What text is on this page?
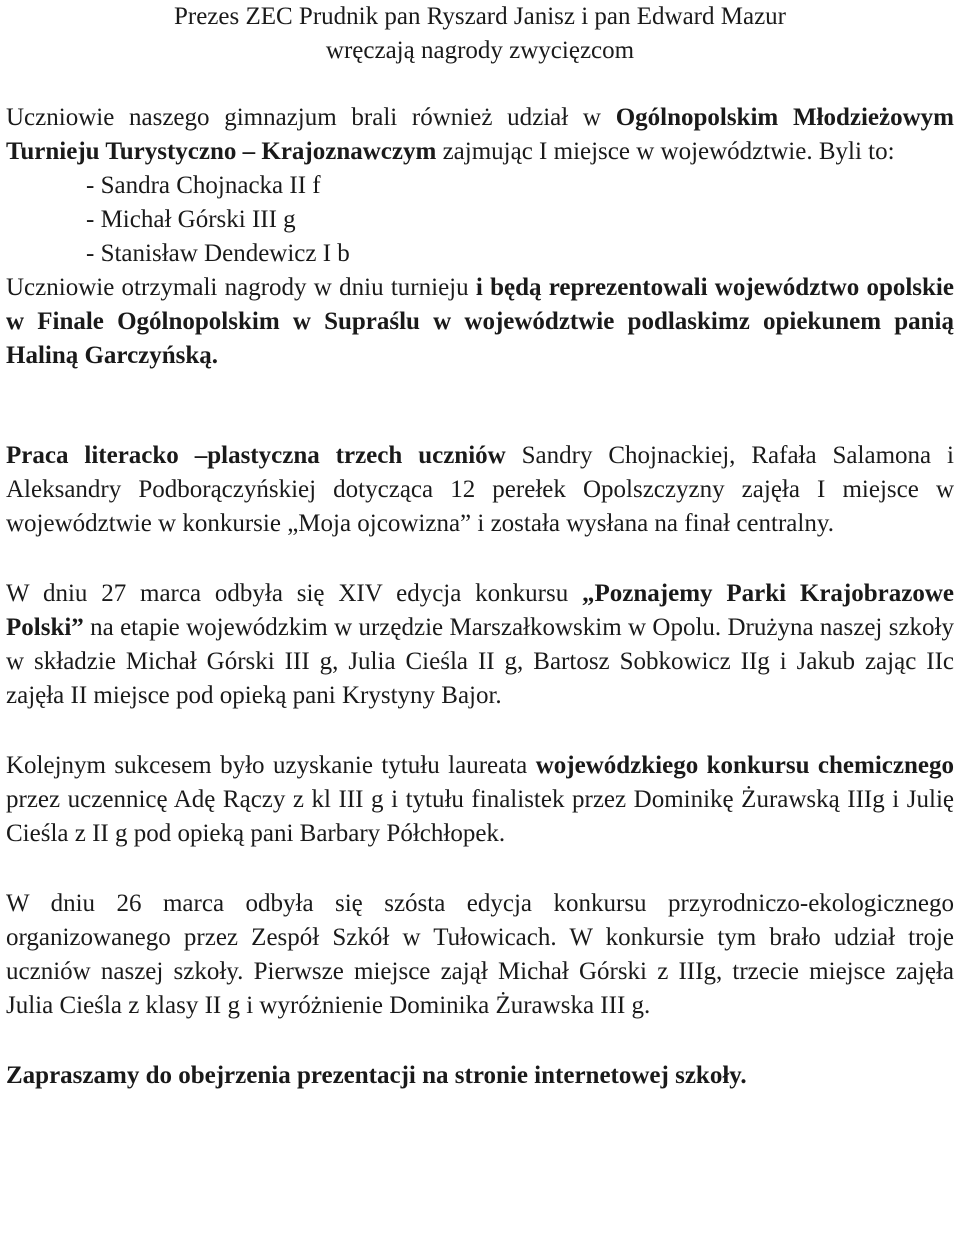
Prezes ZEC Prudnik pan Ryszard Janisz i pan Edward Mazur
wręczają nagrody zwycięzcom

Uczniowie naszego gimnazjum brali również udział w Ogólnopolskim Młodzieżowym Turnieju Turystyczno – Krajoznawczym zajmując I miejsce w województwie. Byli to:

- Sandra Chojnacka II f
- Michał Górski III g
- Stanisław Dendewicz I b

Uczniowie otrzymali nagrody w dniu turnieju i będą reprezentowali województwo opolskie w Finale Ogólnopolskim w Supraślu w województwie podlaskimz opiekunem panią Haliną Garczyńską.

Praca literacko –plastyczna trzech uczniów Sandry Chojnackiej, Rafała Salamona i Aleksandry Podborączyńskiej dotycząca 12 perełek Opolszczyzny zajęła I miejsce w województwie w konkursie „Moja ojcowizna” i została wysłana na finał centralny.

W dniu 27 marca odbyła się XIV edycja konkursu „Poznajemy Parki Krajobrazowe Polski” na etapie wojewódzkim w urzędzie Marszałkowskim w Opolu. Drużyna naszej szkoły w składzie Michał Górski III g, Julia Cieśla II g, Bartosz Sobkowicz IIg i Jakub zając IIc zajęła II miejsce pod opieką pani Krystyny Bajor.

Kolejnym sukcesem było uzyskanie tytułu laureata wojewódzkiego konkursu chemicznego przez uczennicę Adę Rączy z kl III g i tytułu finalistek przez Dominikę Żurawską IIIg i Julię Cieśla z II g pod opieką pani Barbary Półchłopek.

W dniu 26 marca odbyła się szósta edycja konkursu przyrodniczo-ekologicznego organizowanego przez Zespół Szkół w Tułowicach. W konkursie tym brało udział troje uczniów naszej szkoły. Pierwsze miejsce zajął Michał Górski z IIIg, trzecie miejsce zajęła Julia Cieśla z klasy II g i wyróżnienie Dominika Żurawska III g.

Zapraszamy do obejrzenia prezentacji na stronie internetowej szkoły.
